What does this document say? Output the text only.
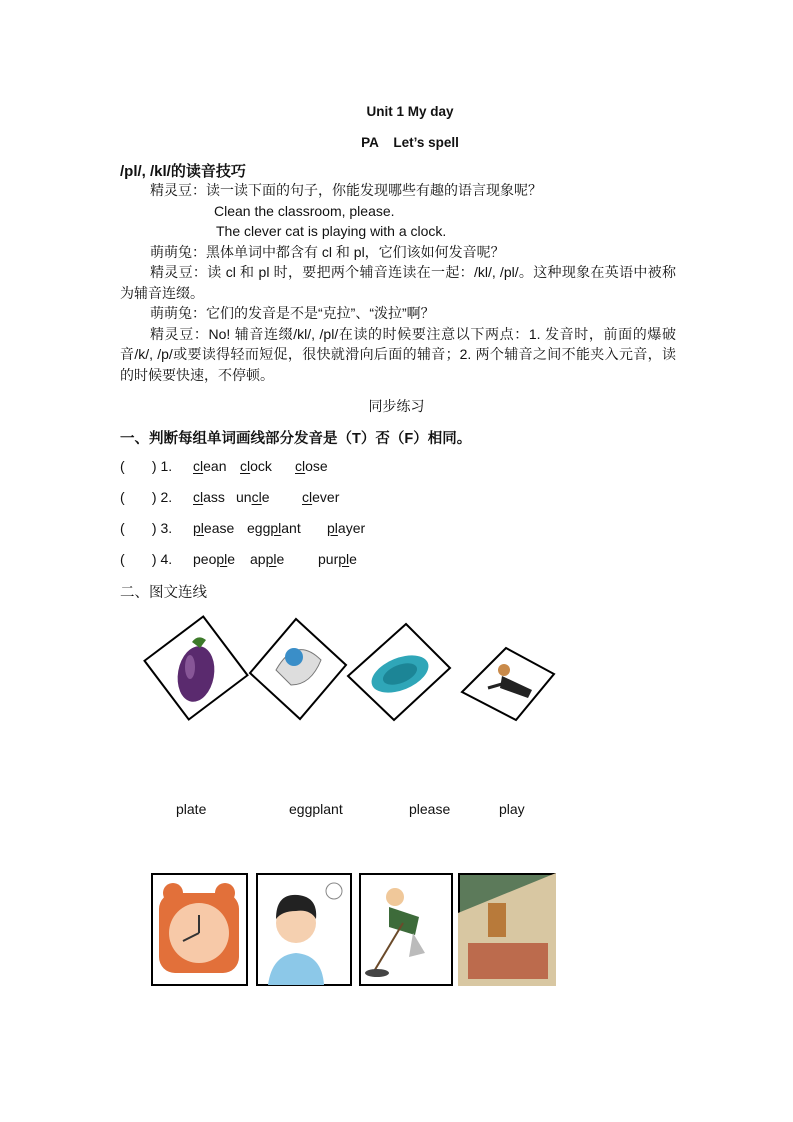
Unit 1 My day
PA    Let’s spell
/pl/, /kl/的读音技巧

精灵豆：读一读下面的句子，你能发现哪些有趣的语言现象呢？

Clean the classroom, please.

The clever cat is playing with a clock.

萌萌兔：黑体单词中都含有 cl 和 pl，它们该如何发音呢？

精灵豆：读 cl 和 pl 时，要把两个辅音连读在一起：/kl/, /pl/。这种现象在英语中被称为辅音连缀。

萌萌兔：它们的发音是不是“克拉”、“泼拉”啊？

精灵豆：No! 辅音连缀/kl/, /pl/在读的时候要注意以下两点：1. 发音时，前面的爆破音/k/, /p/或要读得轻而短促，很快就滑向后面的辅音；2. 两个辅音之间不能夹入元音，读的时候要快速，不停顿。

同步练习
一、判断每组单词画线部分发音是（T）否（F）相同。
(       ) 1. clean clock close
(       ) 2. class uncle clever
(       ) 3. please eggplant player
(       ) 4. people apple purple
二、图文连线
plate	eggplant	please	play
